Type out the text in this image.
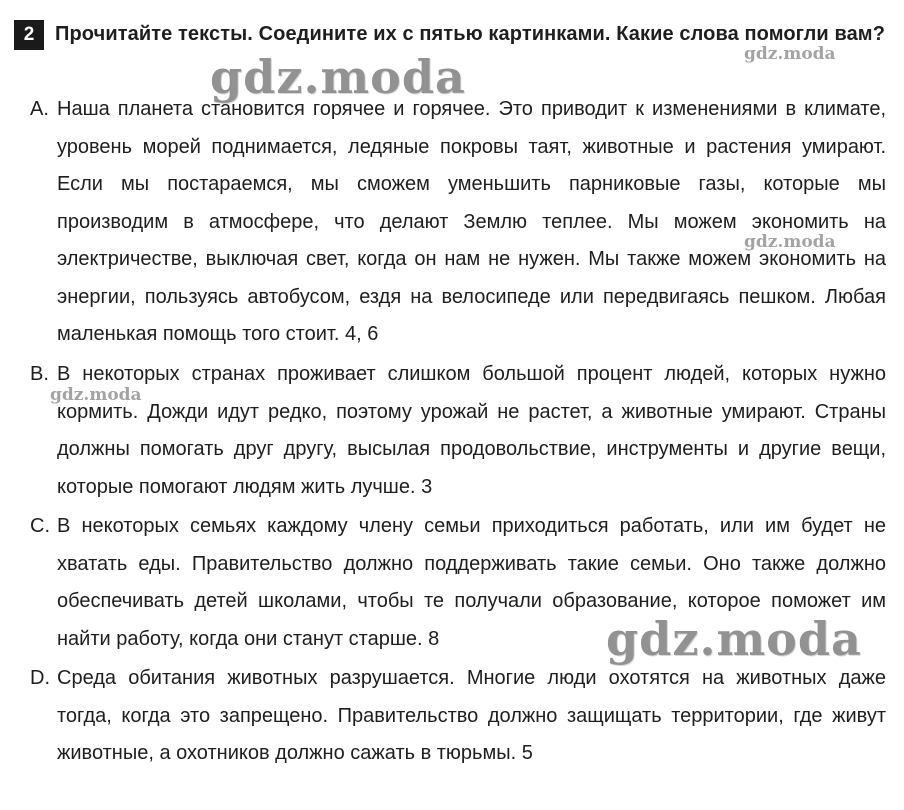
2	Прочитайте тексты. Соедините их с пятью картинками. Какие слова помогли вам?
A. Наша планета становится горячее и горячее. Это приводит к изменениями в климате, уровень морей поднимается, ледяные покровы таят, животные и растения умирают. Если мы постараемся, мы сможем уменьшить парниковые газы, которые мы производим в атмосфере, что делают Землю теплее. Мы можем экономить на электричестве, выключая свет, когда он нам не нужен. Мы также можем экономить на энергии, пользуясь автобусом, ездя на велосипеде или передвигаясь пешком. Любая маленькая помощь того стоит. 4, 6
B. В некоторых странах проживает слишком большой процент людей, которых нужно кормить. Дожди идут редко, поэтому урожай не растет, а животные умирают. Страны должны помогать друг другу, высылая продовольствие, инструменты и другие вещи, которые помогают людям жить лучше. 3
C. В некоторых семьях каждому члену семьи приходиться работать, или им будет не хватать еды. Правительство должно поддерживать такие семьи. Оно также должно обеспечивать детей школами, чтобы те получали образование, которое поможет им найти работу, когда они станут старше. 8
D. Среда обитания животных разрушается. Многие люди охотятся на животных даже тогда, когда это запрещено. Правительство должно защищать территории, где живут животные, а охотников должно сажать в тюрьмы. 5
gdz.moda	gdz.moda
gdz.moda
gdz.moda
gdz.moda
